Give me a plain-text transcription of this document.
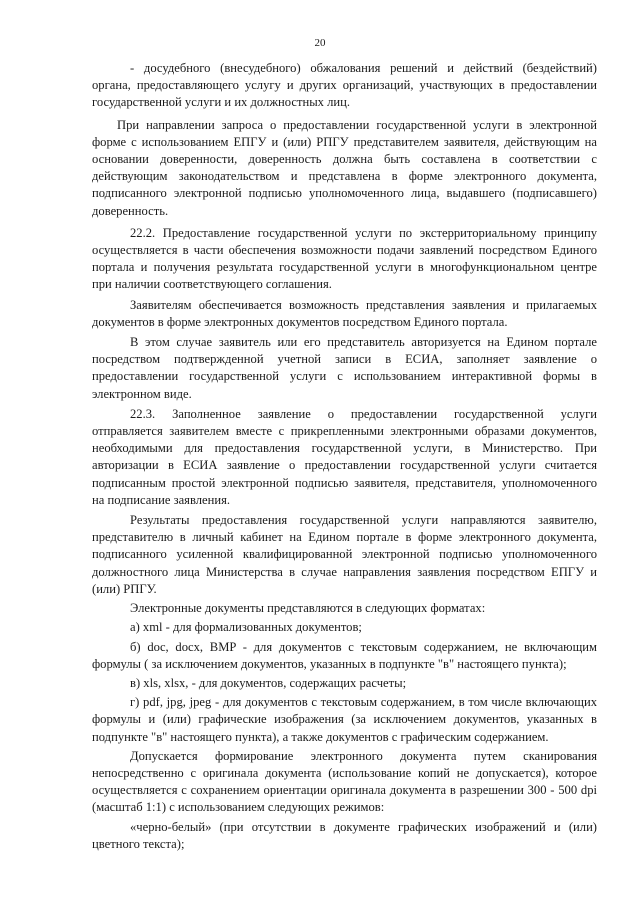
20
- досудебного (внесудебного) обжалования решений и действий (бездействий)
органа, предоставляющего услугу и других организаций, участвующих в предоставлении
государственной услуги и их должностных лиц.
При направлении запроса о предоставлении государственной услуги в электронной
форме с использованием ЕПГУ и (или) РПГУ представителем заявителя, действующим на
основании доверенности, доверенность должна быть составлена в соответствии с
действующим законодательством и представлена в форме электронного документа,
подписанного электронной подписью уполномоченного лица, выдавшего (подписавшего)
доверенность.
22.2. Предоставление государственной услуги по экстерриториальному принципу
осуществляется в части обеспечения возможности подачи заявлений посредством Единого
портала и получения результата государственной услуги в многофункциональном центре
при наличии соответствующего соглашения.
Заявителям обеспечивается возможность представления заявления и прилагаемых
документов в форме электронных документов посредством Единого портала.
В этом случае заявитель или его представитель авторизуется на Едином портале
посредством подтвержденной учетной записи в ЕСИА, заполняет заявление о
предоставлении государственной услуги с использованием интерактивной формы в
электронном виде.
22.3. Заполненное заявление о предоставлении государственной услуги
отправляется заявителем вместе с прикрепленными электронными образами документов,
необходимыми для предоставления государственной услуги, в Министерство. При
авторизации в ЕСИА заявление о предоставлении государственной услуги считается
подписанным простой электронной подписью заявителя, представителя, уполномоченного
на подписание заявления.
Результаты предоставления государственной услуги направляются заявителю,
представителю в личный кабинет на Едином портале в форме электронного документа,
подписанного усиленной квалифицированной электронной подписью уполномоченного
должностного лица Министерства в случае направления заявления посредством ЕПГУ и
(или) РПГУ.
Электронные документы представляются в следующих форматах:
а) xml - для формализованных документов;
б) doc, docx, BMP - для документов с текстовым содержанием, не включающим
формулы ( за исключением документов, указанных в подпункте "в" настоящего пункта);
в) xls, xlsx, - для документов, содержащих расчеты;
г) pdf, jpg, jpeg - для документов с текстовым содержанием, в том числе включающих
формулы и (или) графические изображения (за исключением документов, указанных в
подпункте "в" настоящего пункта), а также документов с графическим содержанием.
Допускается формирование электронного документа путем сканирования
непосредственно с оригинала документа (использование копий не допускается), которое
осуществляется с сохранением ориентации оригинала документа в разрешении 300 - 500 dpi
(масштаб 1:1) с использованием следующих режимов:
«черно-белый» (при отсутствии в документе графических изображений и (или)
цветного текста);
